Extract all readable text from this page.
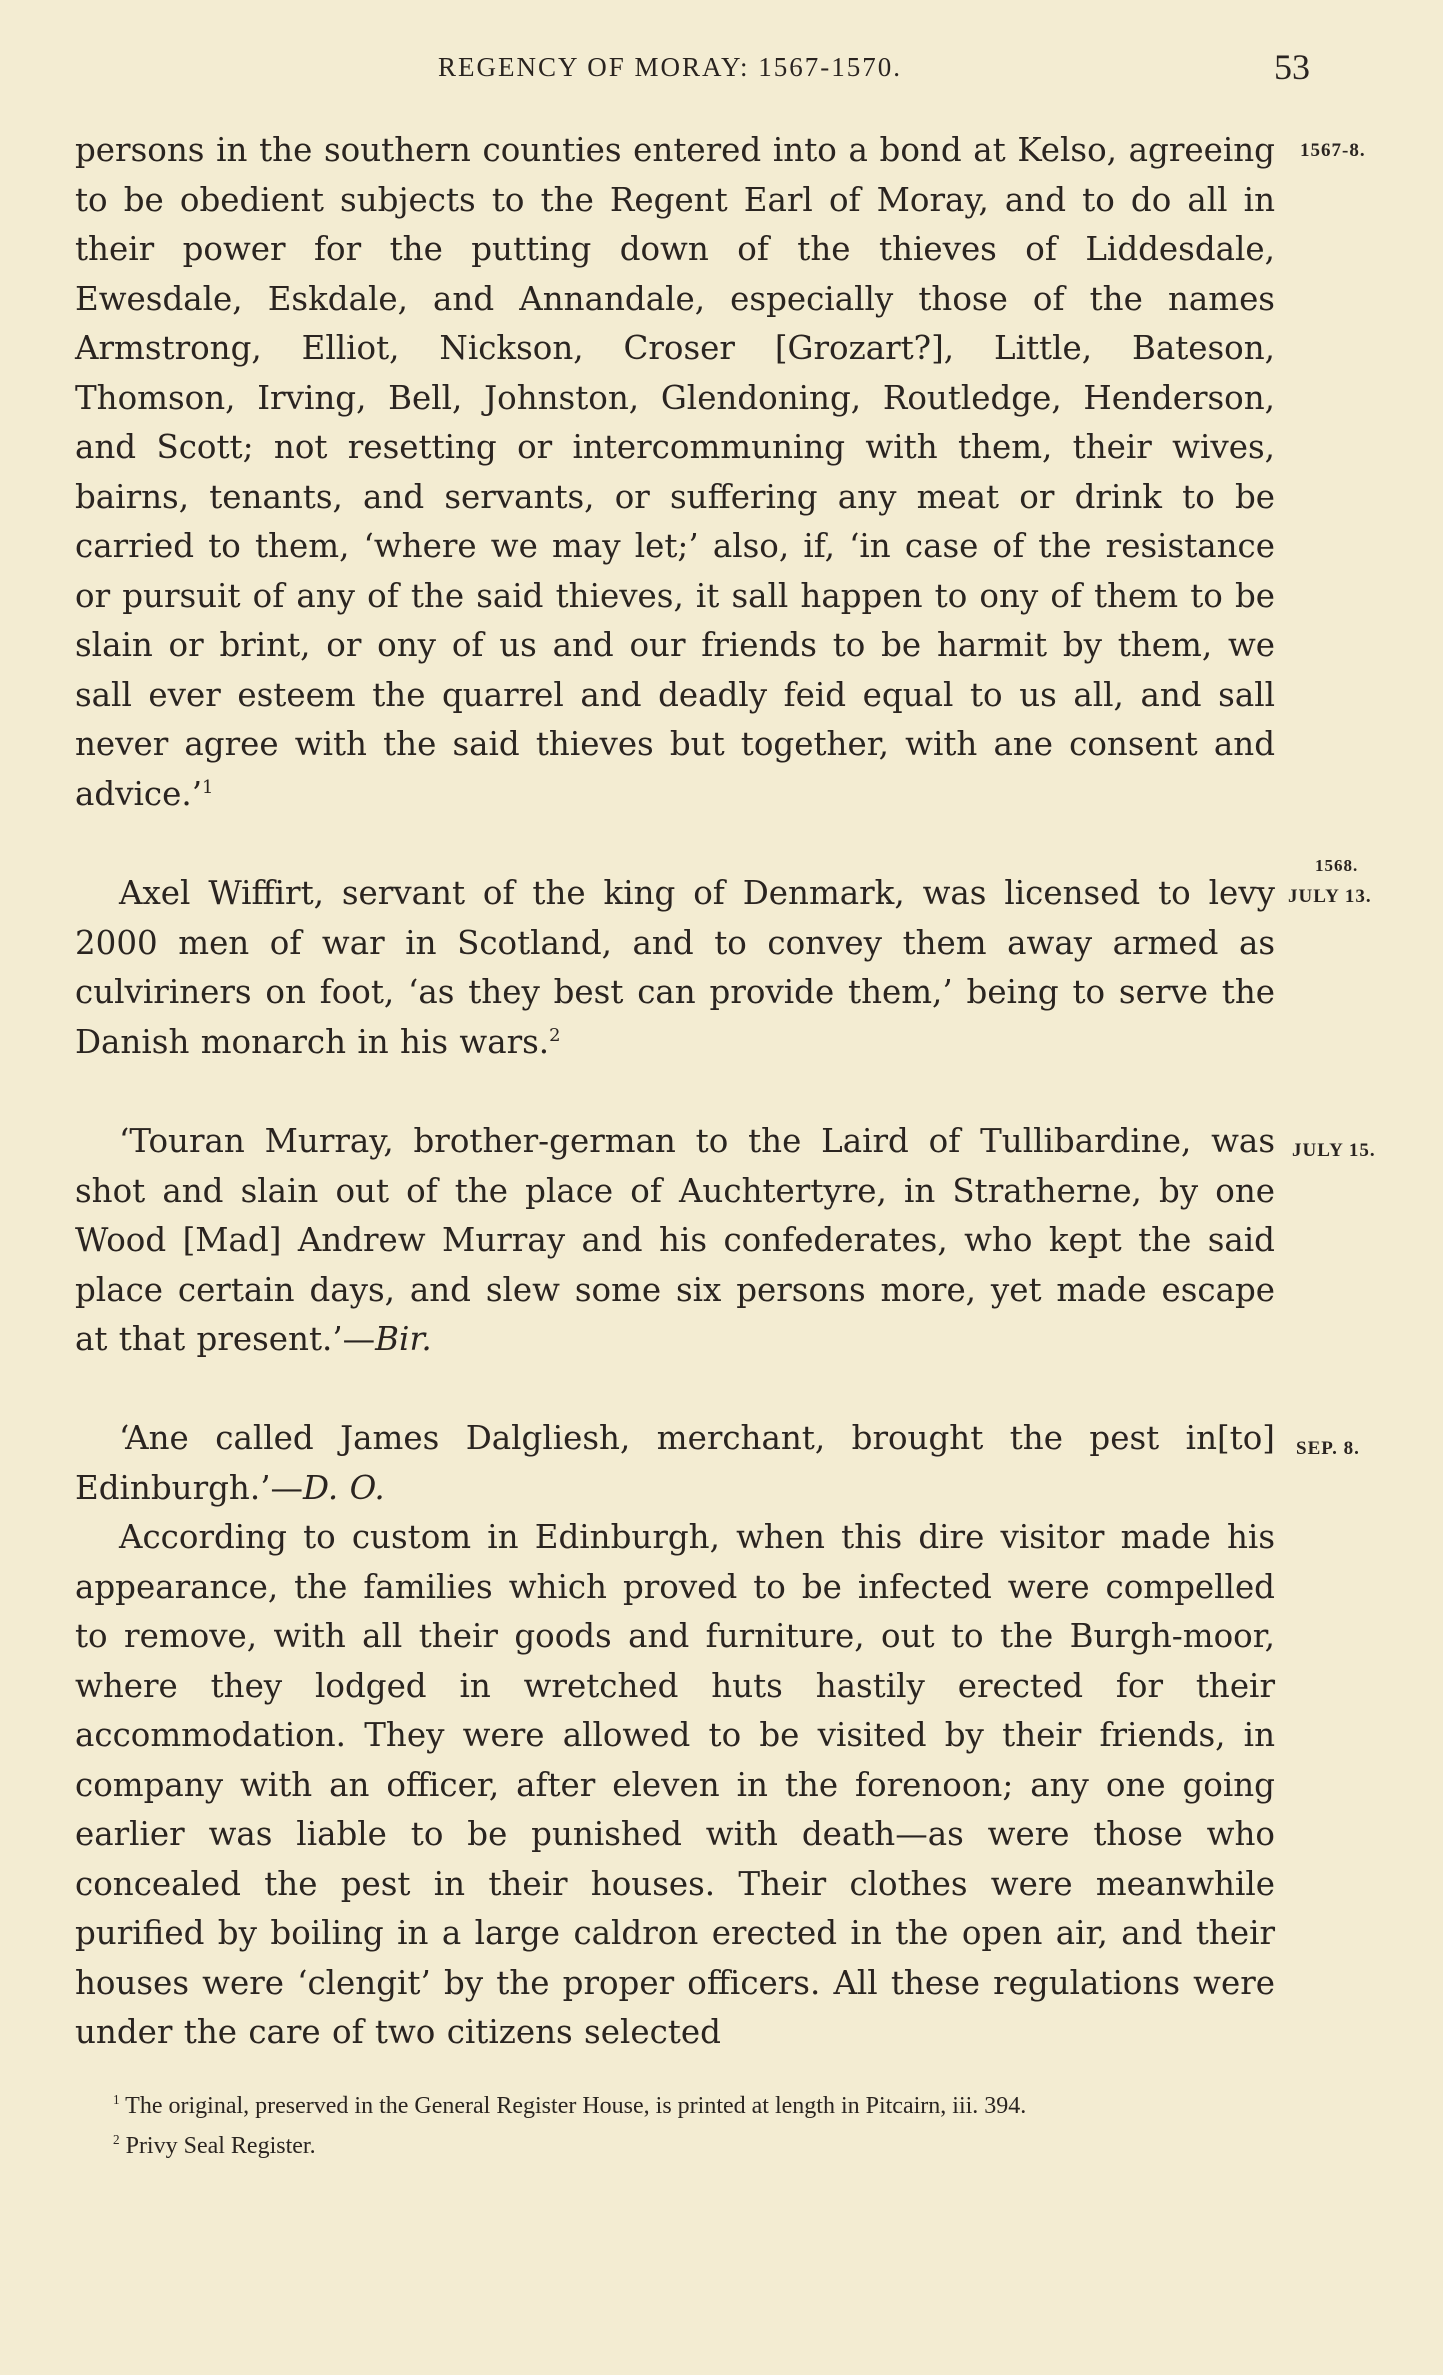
REGENCY OF MORAY: 1567-1570.	53

persons in the southern counties entered into a bond at Kelso, agreeing to be obedient subjects to the Regent Earl of Moray, and to do all in their power for the putting down of the thieves of Liddesdale, Ewesdale, Eskdale, and Annandale, especially those of the names Armstrong, Elliot, Nickson, Croser [Grozart?], Little, Bateson, Thomson, Irving, Bell, Johnston, Glendoning, Routledge, Henderson, and Scott; not resetting or intercommuning with them, their wives, bairns, tenants, and servants, or suffering any meat or drink to be carried to them, ‘where we may let;’ also, if, ‘in case of the resistance or pursuit of any of the said thieves, it sall happen to ony of them to be slain or brint, or ony of us and our friends to be harmit by them, we sall ever esteem the quarrel and deadly feid equal to us all, and sall never agree with the said thieves but together, with ane consent and advice.’$^1$

Axel Wiffirt, servant of the king of Denmark, was licensed to levy 2000 men of war in Scotland, and to convey them away armed as culviriners on foot, ‘as they best can provide them,’ being to serve the Danish monarch in his wars.$^2$

‘Touran Murray, brother-german to the Laird of Tullibardine, was shot and slain out of the place of Auchtertyre, in Stratherne, by one Wood [Mad] Andrew Murray and his confederates, who kept the said place certain days, and slew some six persons more, yet made escape at that present.’—Bir.

‘Ane called James Dalgliesh, merchant, brought the pest in[to] Edinburgh.’—D. O.

According to custom in Edinburgh, when this dire visitor made his appearance, the families which proved to be infected were compelled to remove, with all their goods and furniture, out to the Burgh-moor, where they lodged in wretched huts hastily erected for their accommodation. They were allowed to be visited by their friends, in company with an officer, after eleven in the forenoon; any one going earlier was liable to be punished with death—as were those who concealed the pest in their houses. Their clothes were meanwhile purified by boiling in a large caldron erected in the open air, and their houses were ‘clengit’ by the proper officers. All these regulations were under the care of two citizens selected

1567-8.
1568.
JULY 13.
JULY 15.
SEP. 8.

$^1$ The original, preserved in the General Register House, is printed at length in Pitcairn, iii. 394.

$^2$ Privy Seal Register.
